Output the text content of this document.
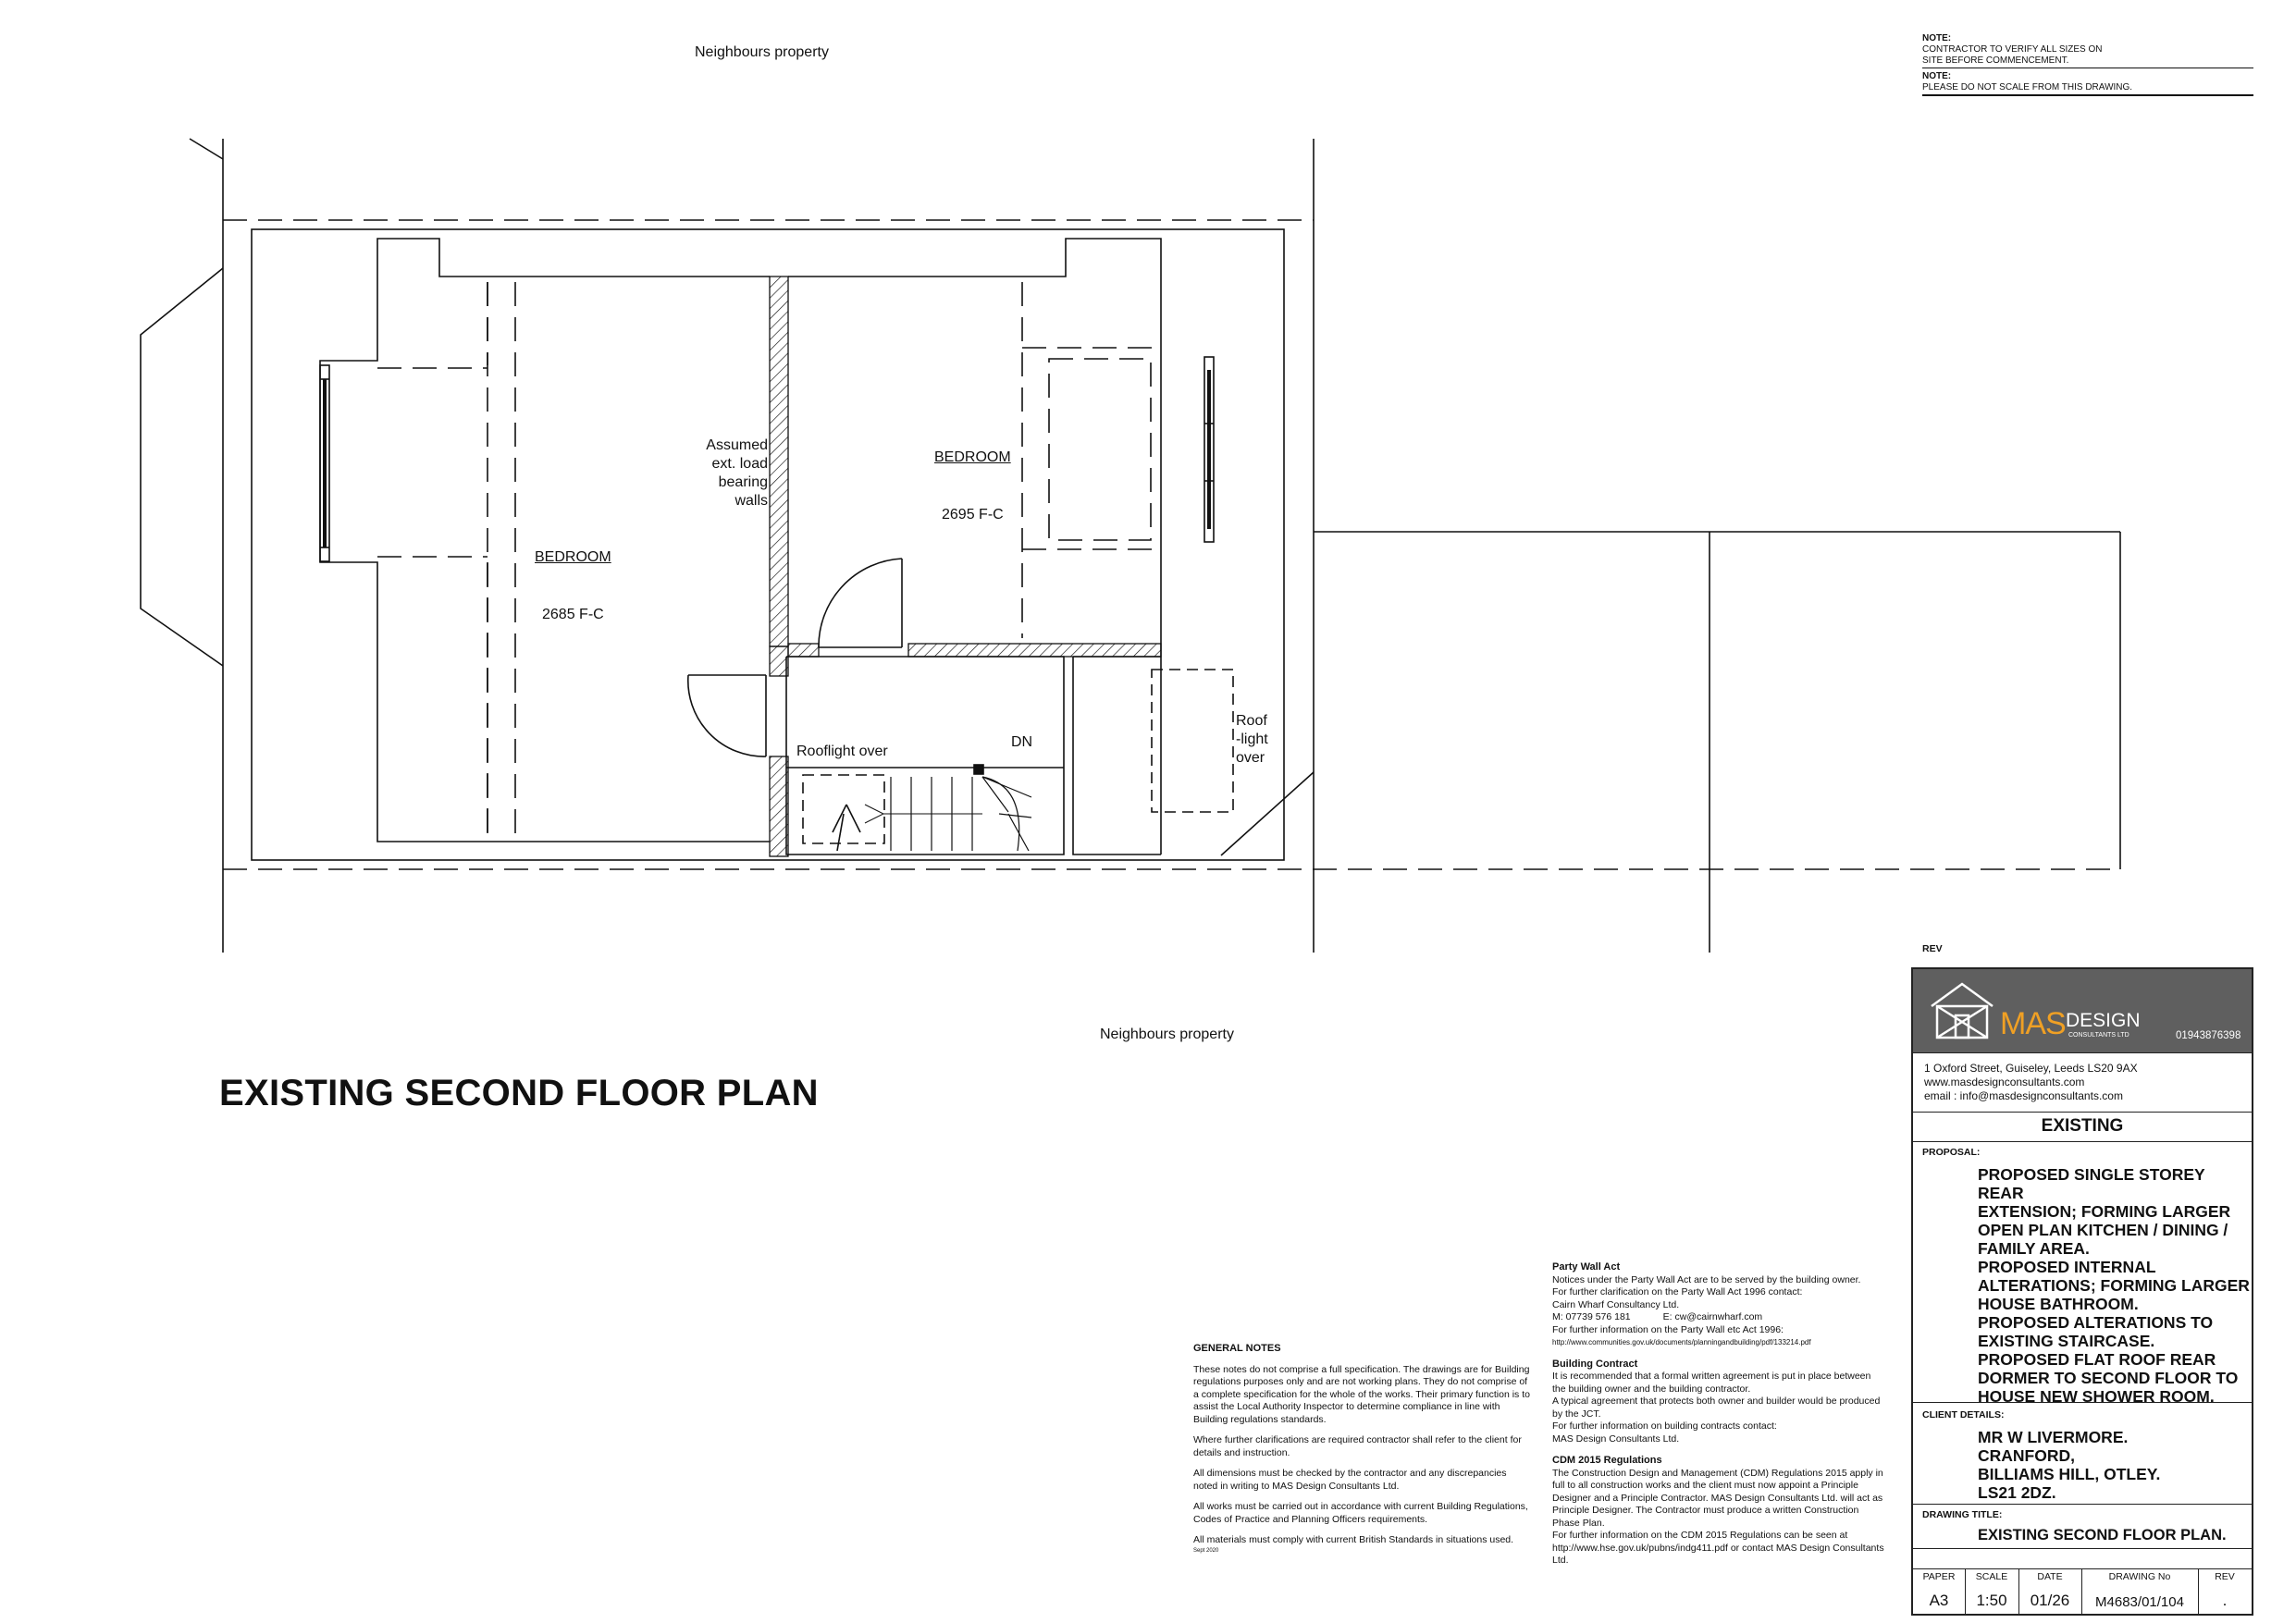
Neighbours property
Neighbours property
BEDROOM
2685 F-C
BEDROOM
2695 F-C
Assumed
ext. load
bearing
walls
Rooflight over
DN
Roof
-light
over
EXISTING SECOND FLOOR PLAN
NOTE:
CONTRACTOR TO VERIFY ALL SIZES ON
SITE BEFORE COMMENCEMENT.
NOTE:
PLEASE DO NOT SCALE FROM THIS DRAWING.

GENERAL NOTES

These notes do not comprise a full specification. The drawings are for Building regulations purposes only and are not working plans. They do not comprise of a complete specification for the whole of the works. Their primary function is to assist the Local Authority Inspector to determine compliance in line with Building regulations standards.

Where further clarifications are required contractor shall refer to the client for details and instruction.

All dimensions must be checked by the contractor and any discrepancies noted in writing to MAS Design Consultants Ltd.

All works must be carried out in accordance with current Building Regulations, Codes of Practice and Planning Officers requirements.

All materials must comply with current British Standards in situations used.

Sept 2020
Party Wall Act
Notices under the Party Wall Act are to be served by the building owner.
For further clarification on the Party Wall Act 1996 contact:
Cairn Wharf Consultancy Ltd.
M: 07739 576 181            E: cw@cairnwharf.com
For further information on the Party Wall etc Act 1996:
http://www.communities.gov.uk/documents/planningandbuilding/pdf/133214.pdf
Building Contract
It is recommended that a formal written agreement is put in place between the building owner and the building contractor.
A typical agreement that protects both owner and builder would be produced by the JCT.
For further information on building contracts contact:
MAS Design Consultants Ltd.
CDM 2015 Regulations
The Construction Design and Management (CDM) Regulations 2015 apply in full to all construction works and the client must now appoint a Principle Designer and a Principle Contractor. MAS Design Consultants Ltd. will act as Principle Designer. The Contractor must produce a written Construction Phase Plan.
For further information on the CDM 2015 Regulations can be seen at http://www.hse.gov.uk/pubns/indg411.pdf or contact MAS Design Consultants Ltd.
REV
MAS DESIGN
CONSULTANTS LTD	01943876398
1 Oxford Street, Guiseley, Leeds LS20 9AX
www.masdesignconsultants.com
email : info@masdesignconsultants.com
EXISTING
PROPOSAL:
PROPOSED SINGLE STOREY REAR
EXTENSION; FORMING LARGER
OPEN PLAN KITCHEN / DINING /
FAMILY AREA.
PROPOSED INTERNAL
ALTERATIONS; FORMING LARGER
HOUSE BATHROOM.
PROPOSED ALTERATIONS TO
EXISTING STAIRCASE.
PROPOSED FLAT ROOF REAR
DORMER TO SECOND FLOOR TO
HOUSE NEW SHOWER ROOM.
CLIENT DETAILS:
MR W LIVERMORE.
CRANFORD,
BILLIAMS HILL, OTLEY.
LS21 2DZ.
DRAWING TITLE:
EXISTING SECOND FLOOR PLAN.
PAPER
A3
SCALE
1:50
DATE
01/26
DRAWING No
M4683/01/104
REV
.
